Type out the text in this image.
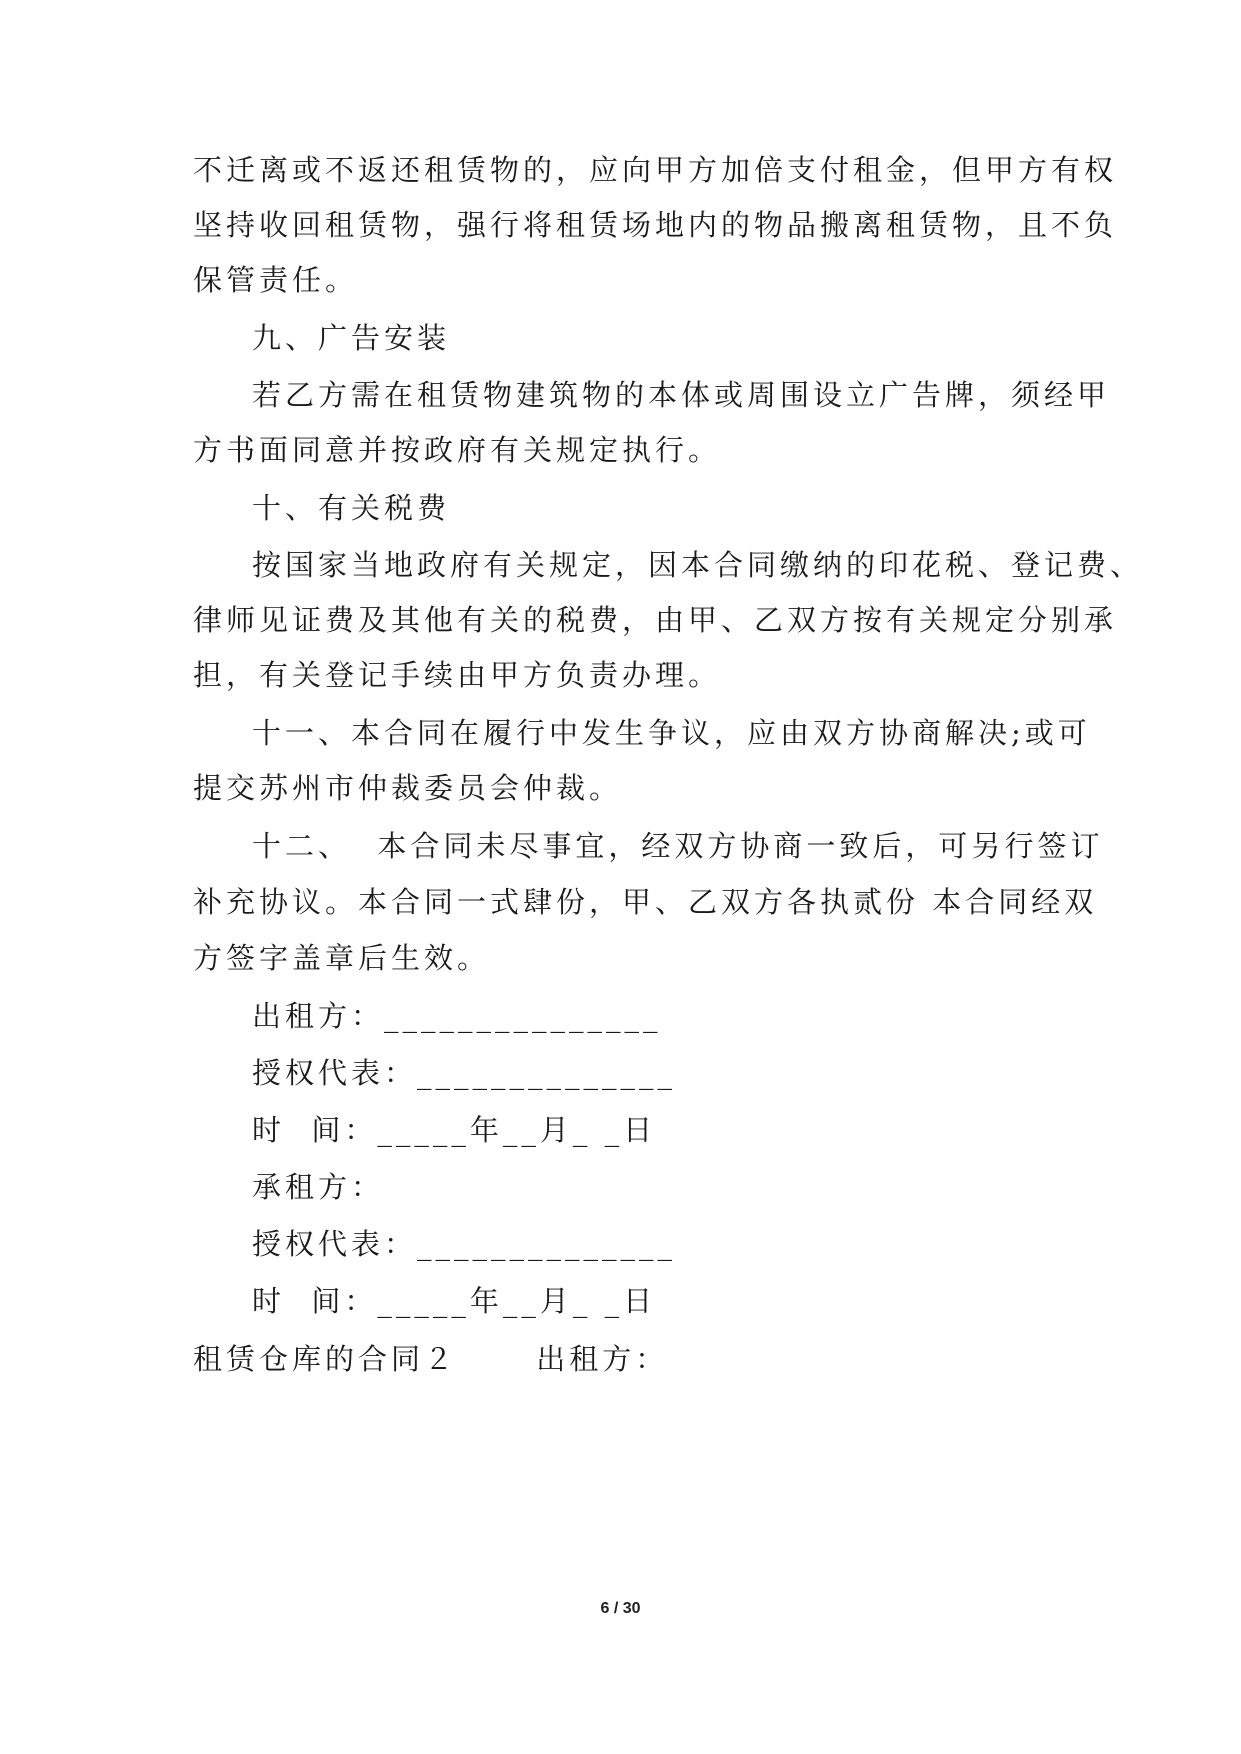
不迁离或不返还租赁物的，应向甲方加倍支付租金，但甲方有权
坚持收回租赁物，强行将租赁场地内的物品搬离租赁物，且不负
保管责任。
九、广告安装
若乙方需在租赁物建筑物的本体或周围设立广告牌，须经甲
方书面同意并按政府有关规定执行。
十、有关税费
按国家当地政府有关规定，因本合同缴纳的印花税、登记费、
律师见证费及其他有关的税费，由甲、乙双方按有关规定分别承
担，有关登记手续由甲方负责办理。
十一、本合同在履行中发生争议，应由双方协商解决;或可
提交苏州市仲裁委员会仲裁。
十二、  本合同未尽事宜，经双方协商一致后，可另行签订
补充协议。本合同一式肆份，甲、乙双方各执贰份 本合同经双
方签字盖章后生效。
出租方：_______________
授权代表：______________
时  间：_____年__月_ _日
承租方：
授权代表：______________
时  间：_____年__月_ _日
租赁仓库的合同２      出租方：
6 / 30
